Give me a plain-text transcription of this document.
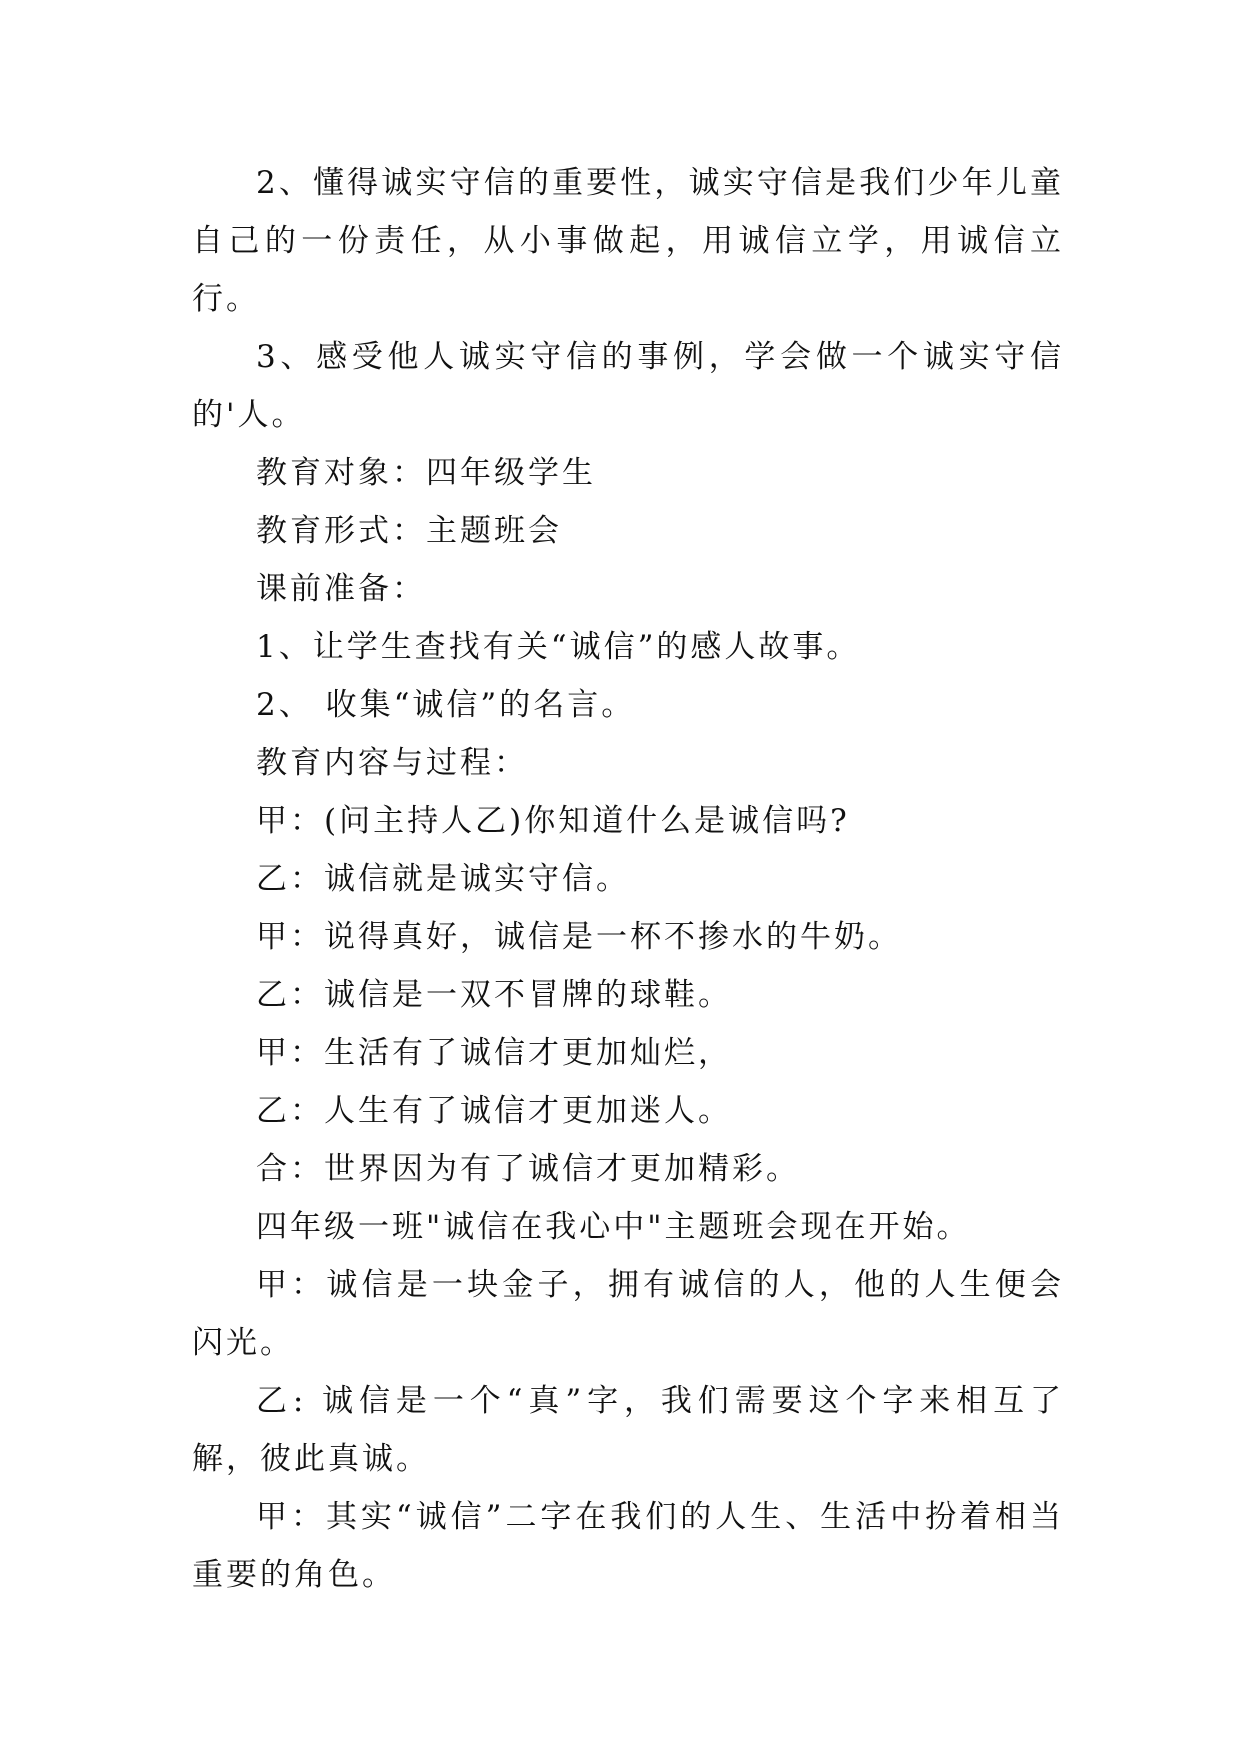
2、懂得诚实守信的重要性，诚实守信是我们少年儿童自己的一份责任，从小事做起，用诚信立学，用诚信立行。

3、感受他人诚实守信的事例，学会做一个诚实守信的'人。

教育对象：四年级学生

教育形式：主题班会

课前准备：

1、让学生查找有关“诚信”的感人故事。

2、 收集“诚信”的名言。

教育内容与过程：

甲：(问主持人乙)你知道什么是诚信吗?

乙：诚信就是诚实守信。

甲：说得真好，诚信是一杯不掺水的牛奶。

乙：诚信是一双不冒牌的球鞋。

甲：生活有了诚信才更加灿烂，

乙：人生有了诚信才更加迷人。

合：世界因为有了诚信才更加精彩。

四年级一班"诚信在我心中"主题班会现在开始。

甲：诚信是一块金子，拥有诚信的人，他的人生便会闪光。

乙: 诚信是一个“真”字，我们需要这个字来相互了解，彼此真诚。

甲：其实“诚信”二字在我们的人生、生活中扮着相当重要的角色。
